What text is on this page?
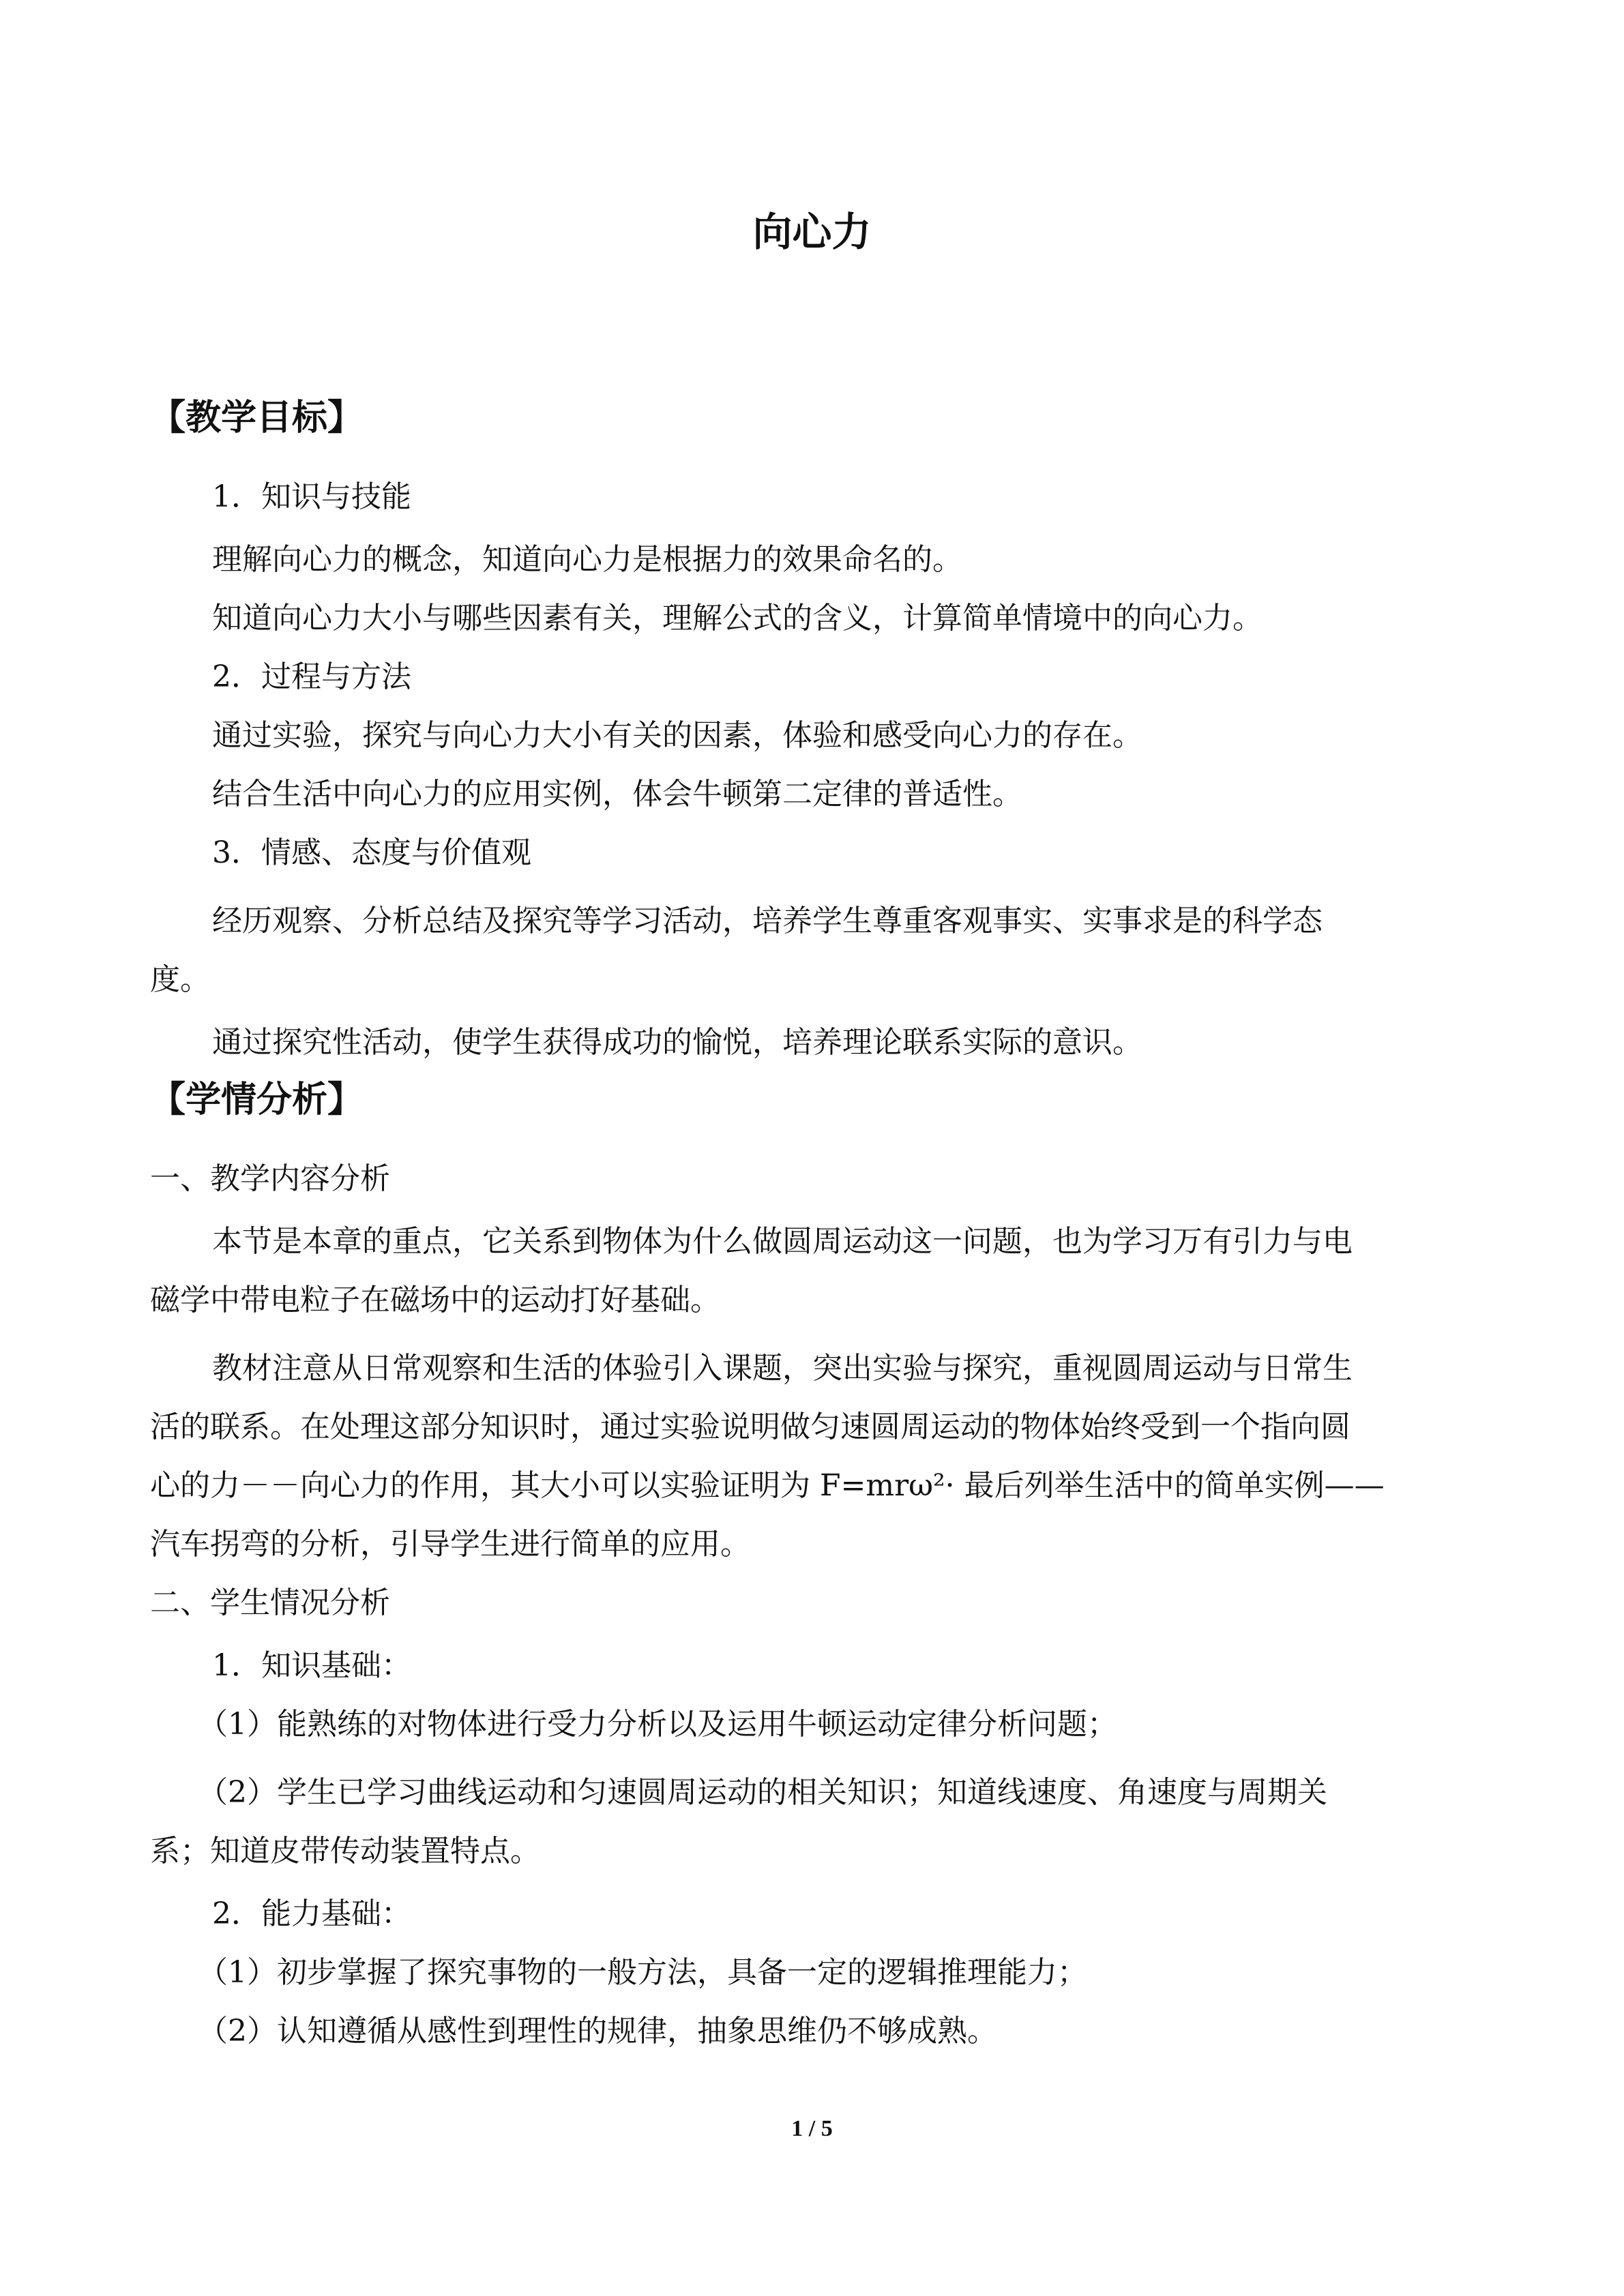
向心力
【教学目标】

1．知识与技能

理解向心力的概念，知道向心力是根据力的效果命名的。

知道向心力大小与哪些因素有关，理解公式的含义，计算简单情境中的向心力。

2．过程与方法

通过实验，探究与向心力大小有关的因素，体验和感受向心力的存在。

结合生活中向心力的应用实例，体会牛顿第二定律的普适性。

3．情感、态度与价值观

经历观察、分析总结及探究等学习活动，培养学生尊重客观事实、实事求是的科学态

度。

通过探究性活动，使学生获得成功的愉悦，培养理论联系实际的意识。

【学情分析】

一、教学内容分析

本节是本章的重点，它关系到物体为什么做圆周运动这一问题，也为学习万有引力与电

磁学中带电粒子在磁场中的运动打好基础。

教材注意从日常观察和生活的体验引入课题，突出实验与探究，重视圆周运动与日常生

活的联系。在处理这部分知识时，通过实验说明做匀速圆周运动的物体始终受到一个指向圆

心的力－－向心力的作用，其大小可以实验证明为 F=mrω²· 最后列举生活中的简单实例——

汽车拐弯的分析，引导学生进行简单的应用。

二、学生情况分析

1．知识基础：

（1）能熟练的对物体进行受力分析以及运用牛顿运动定律分析问题；

（2）学生已学习曲线运动和匀速圆周运动的相关知识；知道线速度、角速度与周期关

系；知道皮带传动装置特点。

2．能力基础：

（1）初步掌握了探究事物的一般方法，具备一定的逻辑推理能力；

（2）认知遵循从感性到理性的规律，抽象思维仍不够成熟。

1 / 5
